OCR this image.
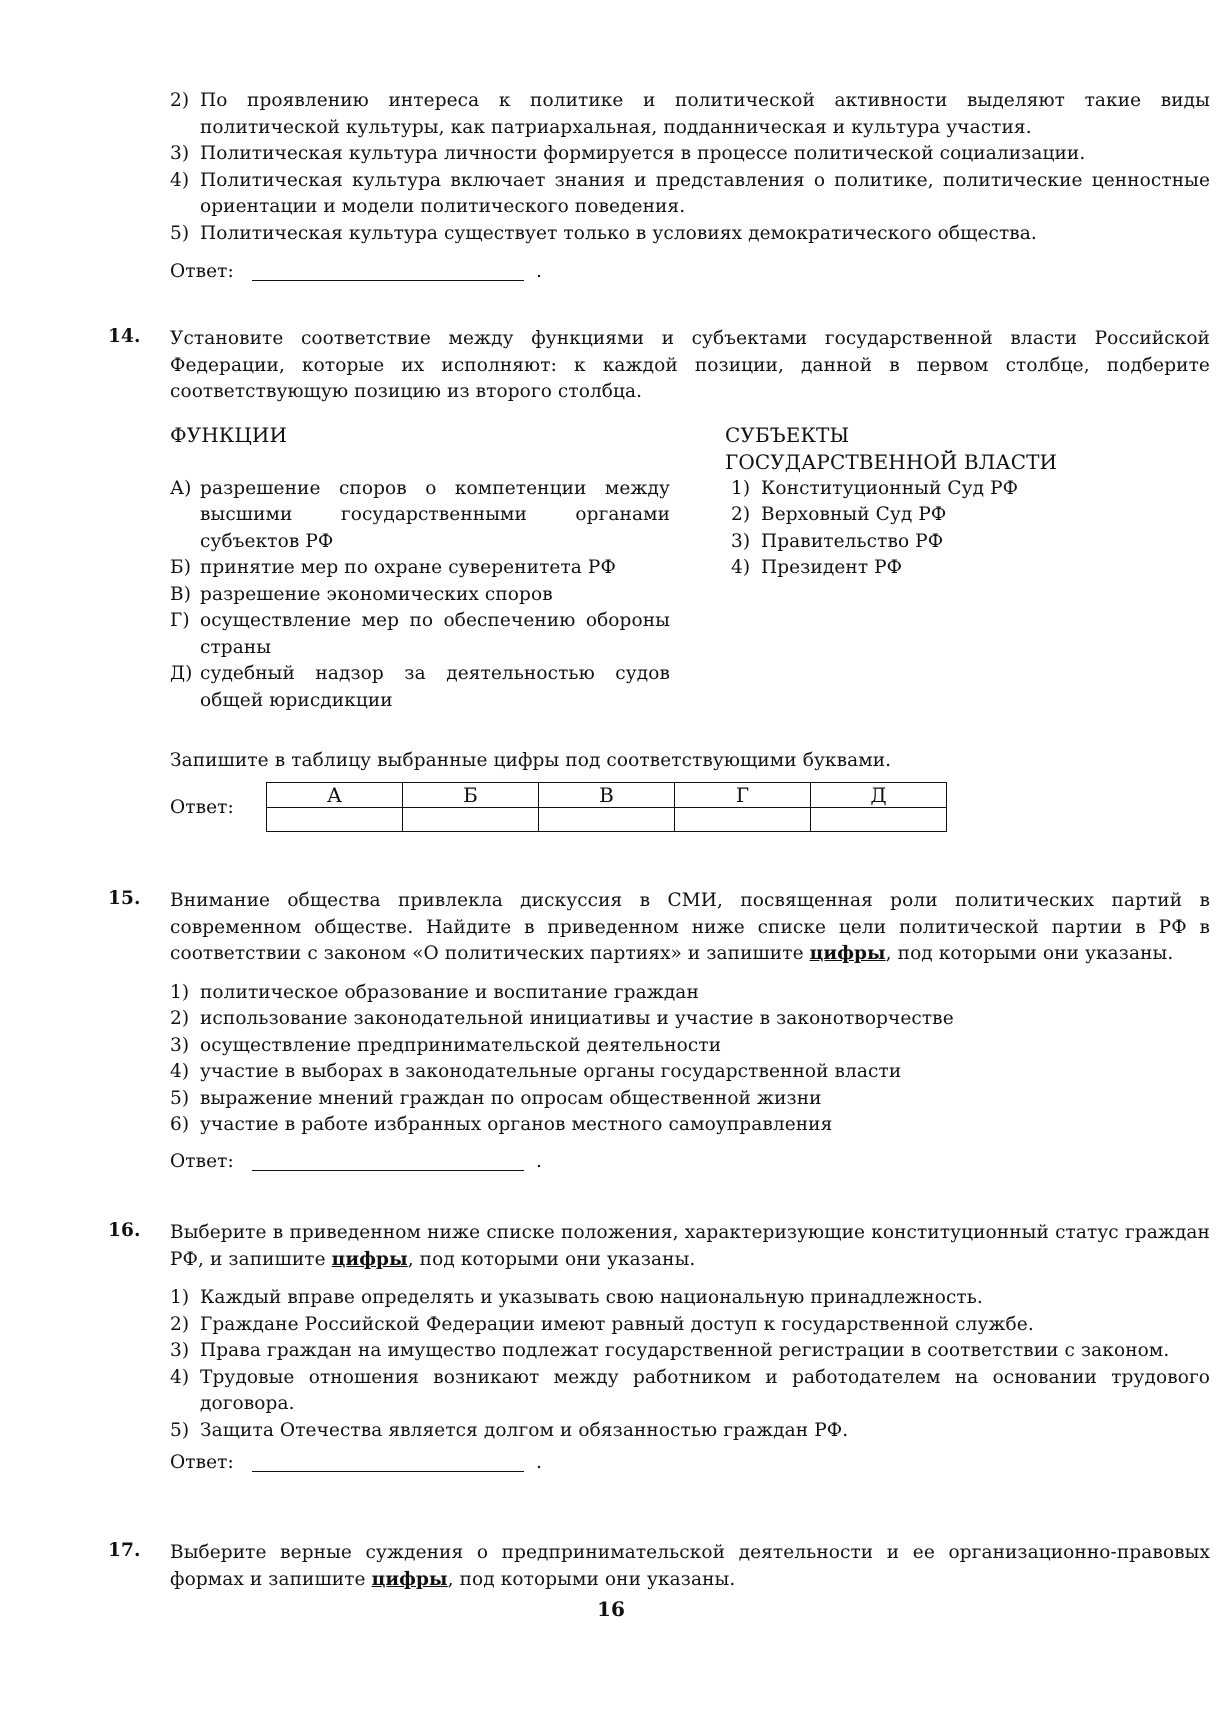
2) По проявлению интереса к политике и политической активности выделяют такие виды политической культуры, как патриархальная, подданническая и культура участия.
3) Политическая культура личности формируется в процессе политической социализации.
4) Политическая культура включает знания и представления о политике, политические ценностные ориентации и модели политического поведения.
5) Политическая культура существует только в условиях демократического общества.
Ответ:	.
14. Установите соответствие между функциями и субъектами государственной власти Российской Федерации, которые их исполняют: к каждой позиции, данной в первом столбце, подберите соответствующую позицию из второго столбца.

ФУНКЦИИ
А) разрешение споров о компетенции между высшими государственными органами субъектов РФ
Б) принятие мер по охране суверенитета РФ
В) разрешение экономических споров
Г) осуществление мер по обеспечению обороны страны
Д) судебный надзор за деятельностью судов общей юрисдикции
СУБЪЕКТЫ
ГОСУДАРСТВЕННОЙ ВЛАСТИ
1) Конституционный Суд РФ
2) Верховный Суд РФ
3) Правительство РФ
4) Президент РФ

Запишите в таблицу выбранные цифры под соответствующими буквами.

Ответ:	А	Б	В	Г	Д

15. Внимание общества привлекла дискуссия в СМИ, посвященная роли политических партий в современном обществе. Найдите в приведенном ниже списке цели политической партии в РФ в соответствии с законом «О политических партиях» и запишите цифры, под которыми они указаны.

1) политическое образование и воспитание граждан
2) использование законодательной инициативы и участие в законотворчестве
3) осуществление предпринимательской деятельности
4) участие в выборах в законодательные органы государственной власти
5) выражение мнений граждан по опросам общественной жизни
6) участие в работе избранных органов местного самоуправления
Ответ:	.
16. Выберите в приведенном ниже списке положения, характеризующие конституционный статус граждан РФ, и запишите цифры, под которыми они указаны.

1) Каждый вправе определять и указывать свою национальную принадлежность.
2) Граждане Российской Федерации имеют равный доступ к государственной службе.
3) Права граждан на имущество подлежат государственной регистрации в соответствии с законом.
4) Трудовые отношения возникают между работником и работодателем на основании трудового договора.
5) Защита Отечества является долгом и обязанностью граждан РФ.
Ответ:	.
17. Выберите верные суждения о предпринимательской деятельности и ее организационно-правовых формах и запишите цифры, под которыми они указаны.

16
